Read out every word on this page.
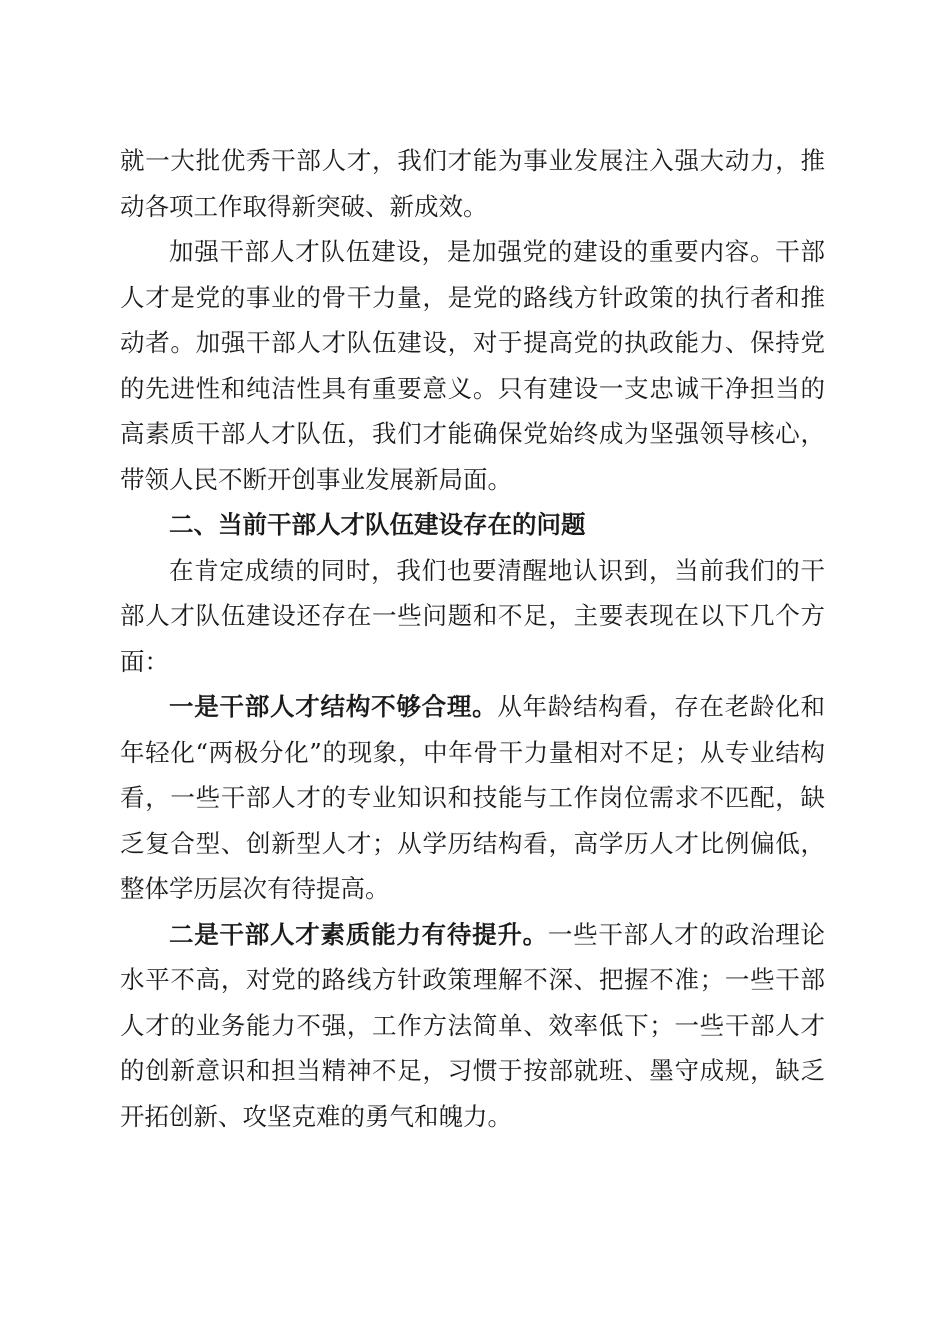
就一大批优秀干部人才，我们才能为事业发展注入强大动力，推动各项工作取得新突破、新成效。

加强干部人才队伍建设，是加强党的建设的重要内容。干部人才是党的事业的骨干力量，是党的路线方针政策的执行者和推动者。加强干部人才队伍建设，对于提高党的执政能力、保持党的先进性和纯洁性具有重要意义。只有建设一支忠诚干净担当的高素质干部人才队伍，我们才能确保党始终成为坚强领导核心，带领人民不断开创事业发展新局面。

二、当前干部人才队伍建设存在的问题

在肯定成绩的同时，我们也要清醒地认识到，当前我们的干部人才队伍建设还存在一些问题和不足，主要表现在以下几个方面：

一是干部人才结构不够合理。从年龄结构看，存在老龄化和年轻化“两极分化”的现象，中年骨干力量相对不足；从专业结构看，一些干部人才的专业知识和技能与工作岗位需求不匹配，缺乏复合型、创新型人才；从学历结构看，高学历人才比例偏低，整体学历层次有待提高。

二是干部人才素质能力有待提升。一些干部人才的政治理论水平不高，对党的路线方针政策理解不深、把握不准；一些干部人才的业务能力不强，工作方法简单、效率低下；一些干部人才的创新意识和担当精神不足，习惯于按部就班、墨守成规，缺乏开拓创新、攻坚克难的勇气和魄力。
